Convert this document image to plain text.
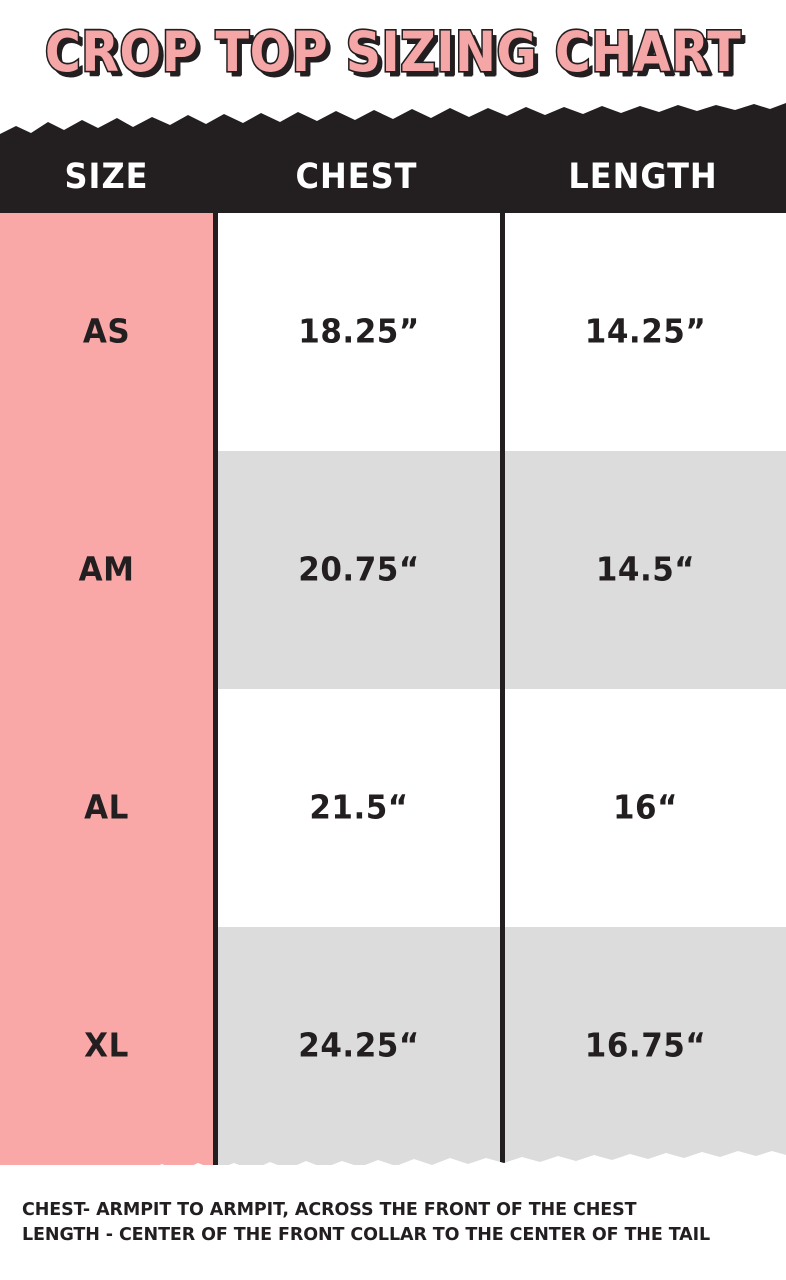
CROP TOP SIZING CHART
SIZE	CHEST	LENGTH
AS	18.25”	14.25”
AM	20.75“	14.5“
AL	21.5“	16“
XL	24.25“	16.75“

CHEST- ARMPIT TO ARMPIT, ACROSS THE FRONT OF THE CHEST

LENGTH - CENTER OF THE FRONT COLLAR TO THE CENTER OF THE TAIL
